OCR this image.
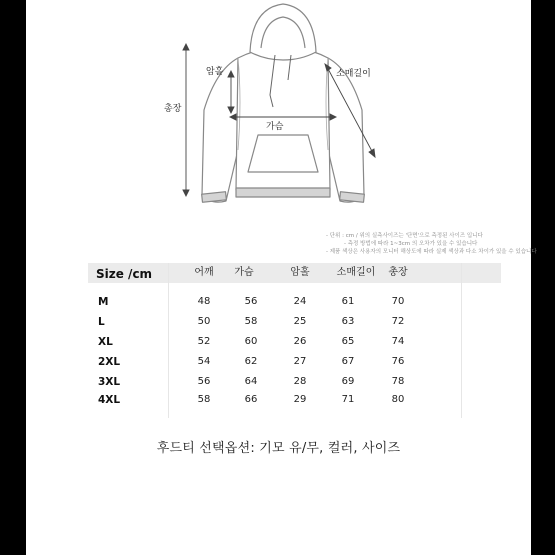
암홀	소매길이
총장
가슴
- 단위 : cm / 위의 실측사이즈는 '단면'으로 측정된 사이즈 입니다
- 측정 방법에 따라 1~3cm 의 오차가 있을 수 있습니다
- 제품 색상은 사용자의 모니터 해상도에 따라 실제 색상과 다소 차이가 있을 수 있습니다
Size /cm	어깨	가슴	암홀	소매길이	총장
M	48	56	24	61	70
L	50	58	25	63	72
XL	52	60	26	65	74
2XL	54	62	27	67	76
3XL	56	64	28	69	78
4XL	58	66	29	71	80
후드티 선택옵션: 기모 유/무, 컬러, 사이즈
